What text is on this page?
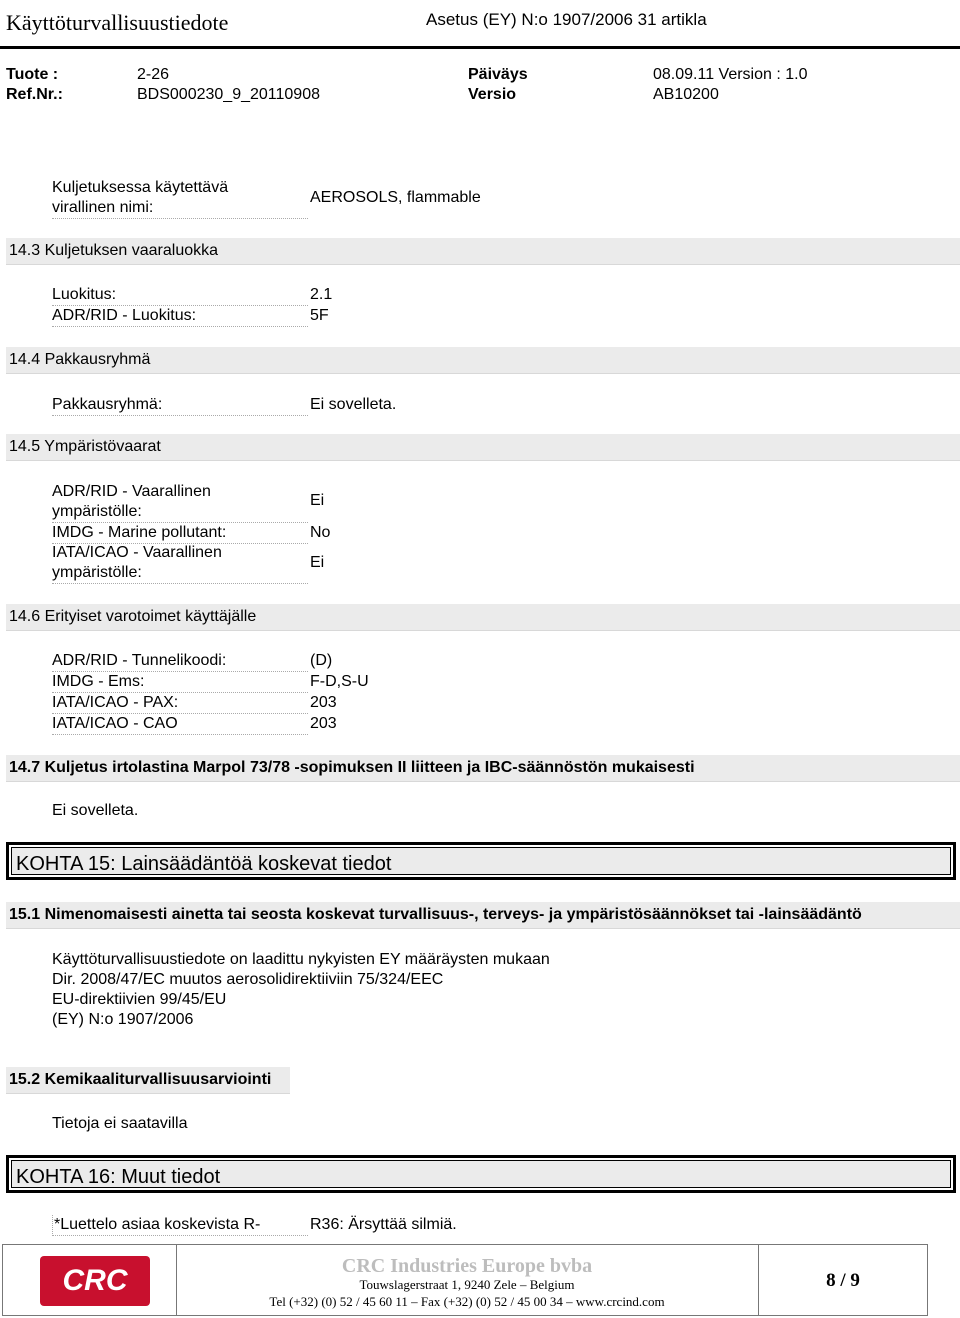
Käyttöturvallisuustiedote	Asetus (EY) N:o 1907/2006 31 artikla
Tuote :	2-26	Päiväys	08.09.11 Version : 1.0
Ref.Nr.:	BDS000230_9_20110908	Versio	AB10200
Kuljetuksessa käytettävä
virallinen nimi:
AEROSOLS, flammable
14.3 Kuljetuksen vaaraluokka
Luokitus:	2.1
ADR/RID - Luokitus:	5F
14.4 Pakkausryhmä
Pakkausryhmä:	Ei sovelleta.
14.5 Ympäristövaarat
ADR/RID - Vaarallinen
ympäristölle:
Ei
IMDG - Marine pollutant:	No
IATA/ICAO - Vaarallinen
ympäristölle:
Ei
14.6 Erityiset varotoimet käyttäjälle
ADR/RID - Tunnelikoodi:	(D)
IMDG - Ems:	F-D,S-U
IATA/ICAO - PAX:	203
IATA/ICAO - CAO	203
14.7 Kuljetus irtolastina Marpol 73/78 -sopimuksen II liitteen ja IBC-säännöstön mukaisesti
Ei sovelleta.
KOHTA 15: Lainsäädäntöä koskevat tiedot
15.1 Nimenomaisesti ainetta tai seosta koskevat turvallisuus-, terveys- ja ympäristösäännökset tai -lainsäädäntö
Käyttöturvallisuustiedote on laadittu nykyisten EY määräysten mukaan
Dir. 2008/47/EC muutos aerosolidirektiiviin 75/324/EEC
EU-direktiivien 99/45/EU
(EY) N:o 1907/2006
15.2 Kemikaaliturvallisuusarviointi
Tietoja ei saatavilla
KOHTA 16: Muut tiedot
*Luettelo asiaa koskevista R-	R36: Ärsyttää silmiä.
CRC	CRC Industries Europe bvba
Touwslagerstraat 1, 9240 Zele – Belgium
Tel (+32) (0) 52 / 45 60 11 – Fax (+32) (0) 52 / 45 00 34 – www.crcind.com
8 / 9
